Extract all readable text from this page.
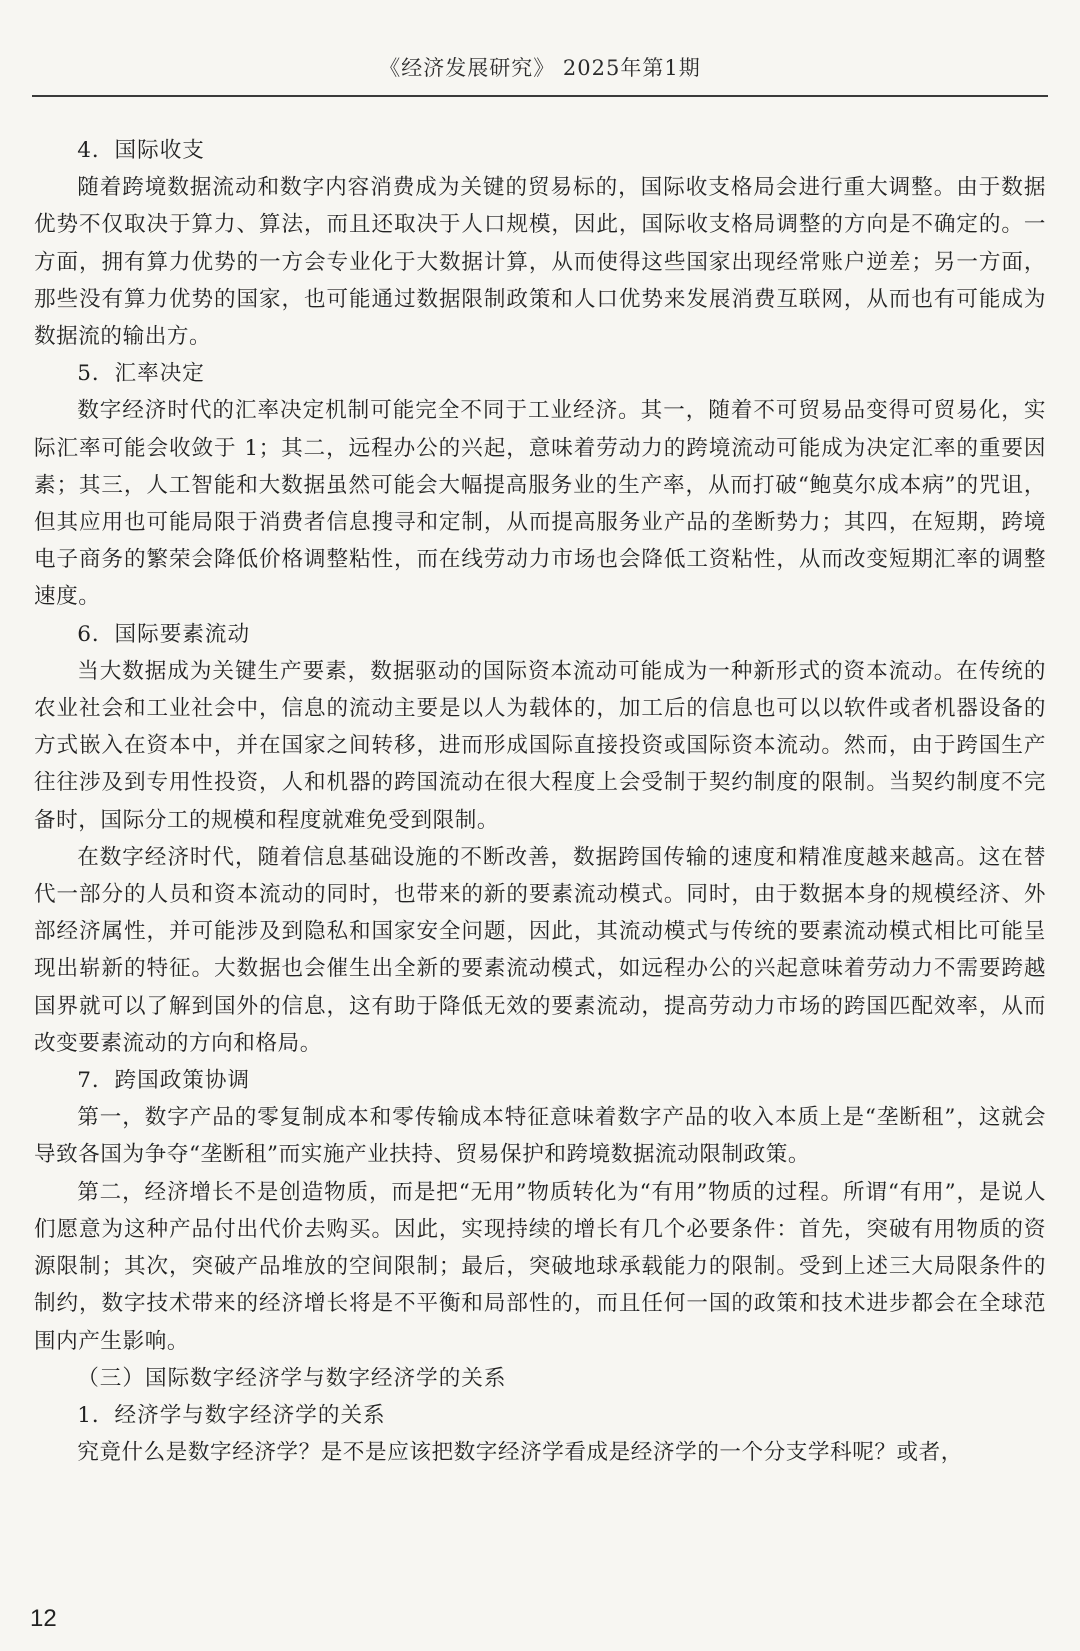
《经济发展研究》 2025年第1期

4．国际收支

随着跨境数据流动和数字内容消费成为关键的贸易标的，国际收支格局会进行重大调整。由于数据优势不仅取决于算力、算法，而且还取决于人口规模，因此，国际收支格局调整的方向是不确定的。一方面，拥有算力优势的一方会专业化于大数据计算，从而使得这些国家出现经常账户逆差；另一方面，那些没有算力优势的国家，也可能通过数据限制政策和人口优势来发展消费互联网，从而也有可能成为数据流的输出方。

5．汇率决定

数字经济时代的汇率决定机制可能完全不同于工业经济。其一，随着不可贸易品变得可贸易化，实际汇率可能会收敛于 1；其二，远程办公的兴起，意味着劳动力的跨境流动可能成为决定汇率的重要因素；其三，人工智能和大数据虽然可能会大幅提高服务业的生产率，从而打破“鲍莫尔成本病”的咒诅，但其应用也可能局限于消费者信息搜寻和定制，从而提高服务业产品的垄断势力；其四，在短期，跨境电子商务的繁荣会降低价格调整粘性，而在线劳动力市场也会降低工资粘性，从而改变短期汇率的调整速度。

6．国际要素流动

当大数据成为关键生产要素，数据驱动的国际资本流动可能成为一种新形式的资本流动。在传统的农业社会和工业社会中，信息的流动主要是以人为载体的，加工后的信息也可以以软件或者机器设备的方式嵌入在资本中，并在国家之间转移，进而形成国际直接投资或国际资本流动。然而，由于跨国生产往往涉及到专用性投资，人和机器的跨国流动在很大程度上会受制于契约制度的限制。当契约制度不完备时，国际分工的规模和程度就难免受到限制。

在数字经济时代，随着信息基础设施的不断改善，数据跨国传输的速度和精准度越来越高。这在替代一部分的人员和资本流动的同时，也带来的新的要素流动模式。同时，由于数据本身的规模经济、外部经济属性，并可能涉及到隐私和国家安全问题，因此，其流动模式与传统的要素流动模式相比可能呈现出崭新的特征。大数据也会催生出全新的要素流动模式，如远程办公的兴起意味着劳动力不需要跨越国界就可以了解到国外的信息，这有助于降低无效的要素流动，提高劳动力市场的跨国匹配效率，从而改变要素流动的方向和格局。

7．跨国政策协调

第一，数字产品的零复制成本和零传输成本特征意味着数字产品的收入本质上是“垄断租”，这就会导致各国为争夺“垄断租”而实施产业扶持、贸易保护和跨境数据流动限制政策。

第二，经济增长不是创造物质，而是把“无用”物质转化为“有用”物质的过程。所谓“有用”，是说人们愿意为这种产品付出代价去购买。因此，实现持续的增长有几个必要条件：首先，突破有用物质的资源限制；其次，突破产品堆放的空间限制；最后，突破地球承载能力的限制。受到上述三大局限条件的制约，数字技术带来的经济增长将是不平衡和局部性的，而且任何一国的政策和技术进步都会在全球范围内产生影响。

（三）国际数字经济学与数字经济学的关系

1．经济学与数字经济学的关系

究竟什么是数字经济学？是不是应该把数字经济学看成是经济学的一个分支学科呢？或者，

12
